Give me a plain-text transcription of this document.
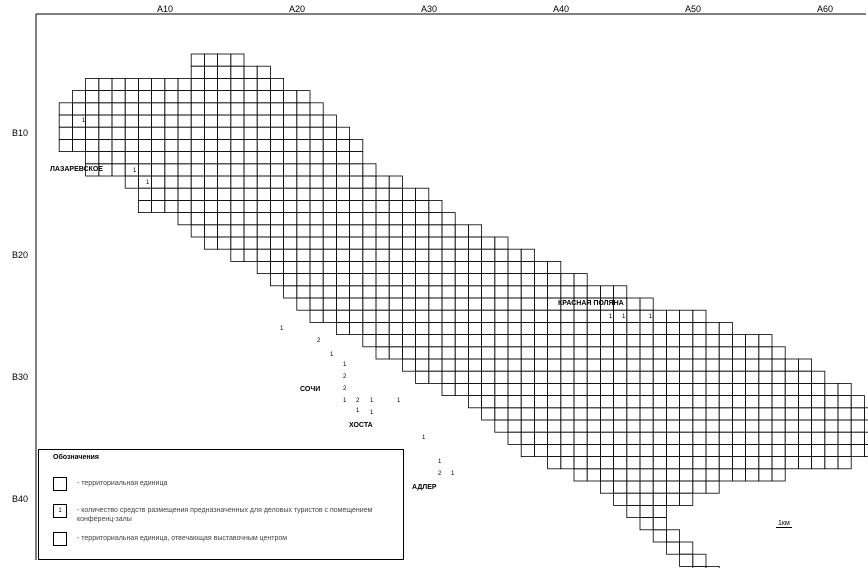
A10	A20	A30	A40	A50	A60
B10
B20
B30
B40
ЛАЗАРЕВСКОЕ
КРАСНАЯ ПОЛЯНА
СОЧИ
ХОСТА
АДЛЕР
1
1
1
1
1 1	1
2
1
2
2
1 2 1
1
1
1
1
2 1
1
1
Обозначения
- территориальная единица
1	- количество средств размещения предназначенных для деловых туристов с помещением конференц-залы
- территориальная единица, отвечающая выставочным центром
1км
